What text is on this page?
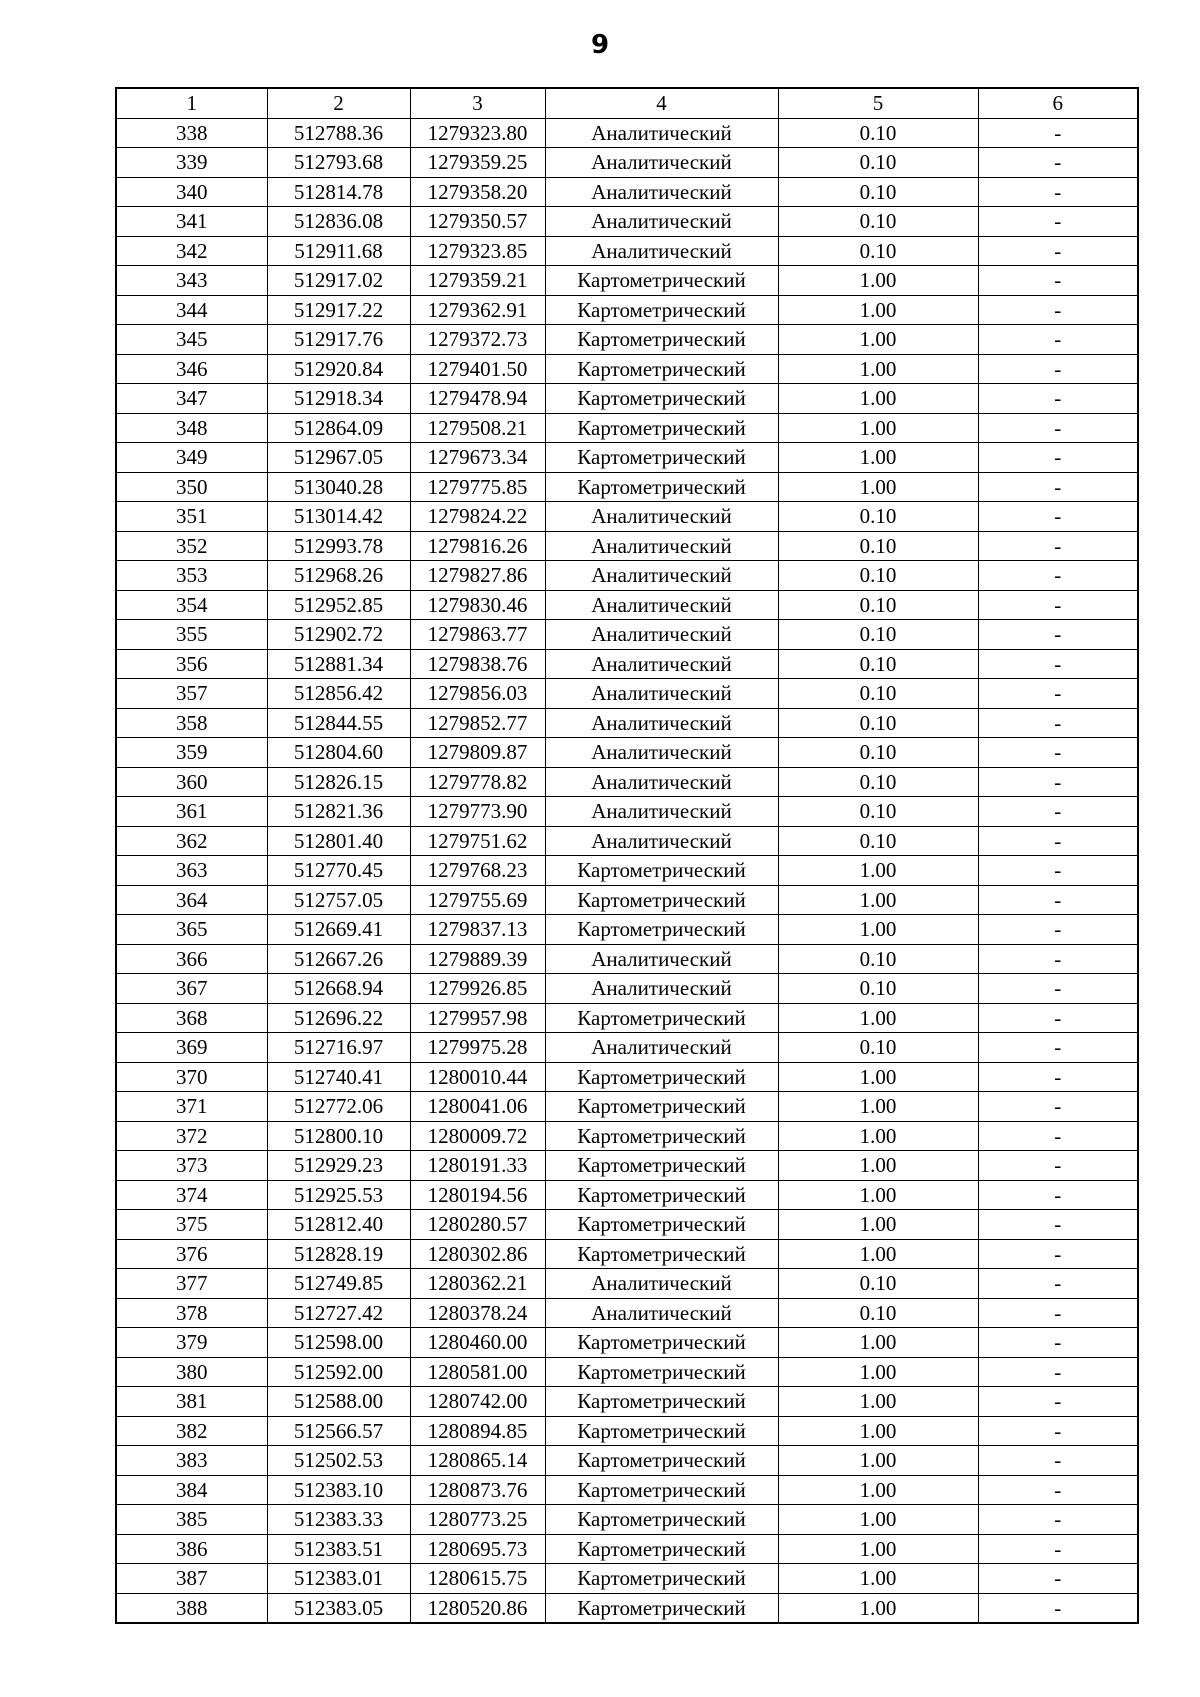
9
1	2	3	4	5	6
338	512788.36	1279323.80	Аналитический	0.10	-
339	512793.68	1279359.25	Аналитический	0.10	-
340	512814.78	1279358.20	Аналитический	0.10	-
341	512836.08	1279350.57	Аналитический	0.10	-
342	512911.68	1279323.85	Аналитический	0.10	-
343	512917.02	1279359.21	Картометрический	1.00	-
344	512917.22	1279362.91	Картометрический	1.00	-
345	512917.76	1279372.73	Картометрический	1.00	-
346	512920.84	1279401.50	Картометрический	1.00	-
347	512918.34	1279478.94	Картометрический	1.00	-
348	512864.09	1279508.21	Картометрический	1.00	-
349	512967.05	1279673.34	Картометрический	1.00	-
350	513040.28	1279775.85	Картометрический	1.00	-
351	513014.42	1279824.22	Аналитический	0.10	-
352	512993.78	1279816.26	Аналитический	0.10	-
353	512968.26	1279827.86	Аналитический	0.10	-
354	512952.85	1279830.46	Аналитический	0.10	-
355	512902.72	1279863.77	Аналитический	0.10	-
356	512881.34	1279838.76	Аналитический	0.10	-
357	512856.42	1279856.03	Аналитический	0.10	-
358	512844.55	1279852.77	Аналитический	0.10	-
359	512804.60	1279809.87	Аналитический	0.10	-
360	512826.15	1279778.82	Аналитический	0.10	-
361	512821.36	1279773.90	Аналитический	0.10	-
362	512801.40	1279751.62	Аналитический	0.10	-
363	512770.45	1279768.23	Картометрический	1.00	-
364	512757.05	1279755.69	Картометрический	1.00	-
365	512669.41	1279837.13	Картометрический	1.00	-
366	512667.26	1279889.39	Аналитический	0.10	-
367	512668.94	1279926.85	Аналитический	0.10	-
368	512696.22	1279957.98	Картометрический	1.00	-
369	512716.97	1279975.28	Аналитический	0.10	-
370	512740.41	1280010.44	Картометрический	1.00	-
371	512772.06	1280041.06	Картометрический	1.00	-
372	512800.10	1280009.72	Картометрический	1.00	-
373	512929.23	1280191.33	Картометрический	1.00	-
374	512925.53	1280194.56	Картометрический	1.00	-
375	512812.40	1280280.57	Картометрический	1.00	-
376	512828.19	1280302.86	Картометрический	1.00	-
377	512749.85	1280362.21	Аналитический	0.10	-
378	512727.42	1280378.24	Аналитический	0.10	-
379	512598.00	1280460.00	Картометрический	1.00	-
380	512592.00	1280581.00	Картометрический	1.00	-
381	512588.00	1280742.00	Картометрический	1.00	-
382	512566.57	1280894.85	Картометрический	1.00	-
383	512502.53	1280865.14	Картометрический	1.00	-
384	512383.10	1280873.76	Картометрический	1.00	-
385	512383.33	1280773.25	Картометрический	1.00	-
386	512383.51	1280695.73	Картометрический	1.00	-
387	512383.01	1280615.75	Картометрический	1.00	-
388	512383.05	1280520.86	Картометрический	1.00	-
